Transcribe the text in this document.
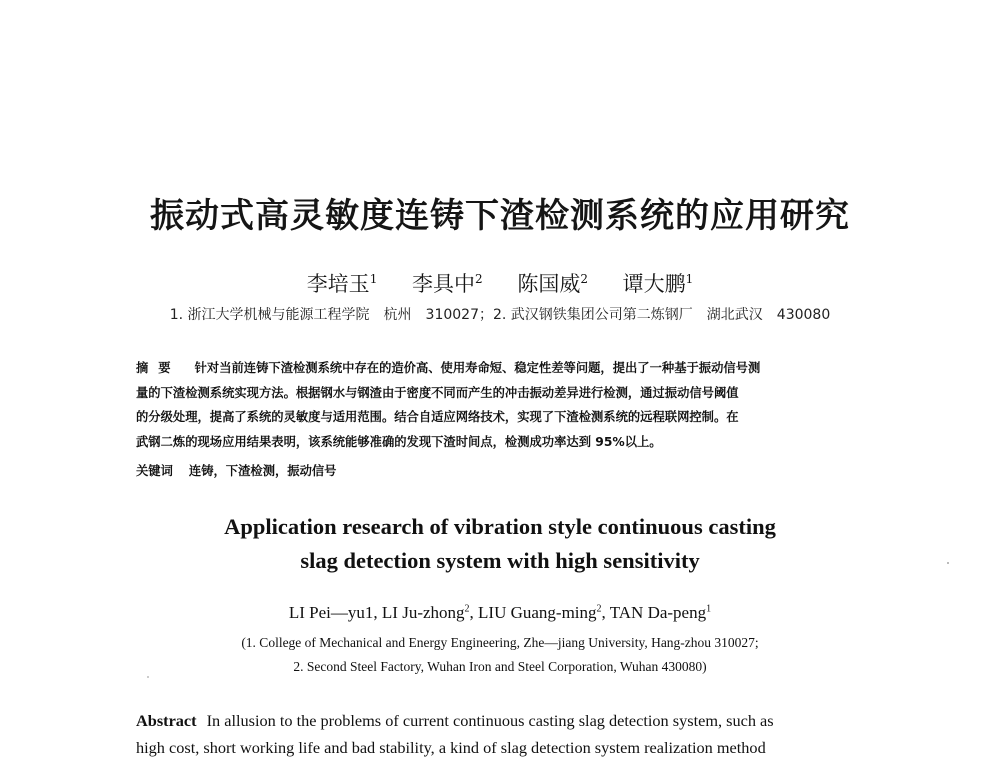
振动式高灵敏度连铸下渣检测系统的应用研究
李培玉$^1$ 李具中$^2$ 陈国威$^2$ 谭大鹏$^1$
1. 浙江大学机械与能源工程学院　杭州　310027；2. 武汉钢铁集团公司第二炼钢厂　湖北武汉　430080
摘要 针对当前连铸下渣检测系统中存在的造价高、使用寿命短、稳定性差等问题，提出了一种基于振动信号测
量的下渣检测系统实现方法。根据钢水与钢渣由于密度不同而产生的冲击振动差异进行检测，通过振动信号阈值
的分级处理，提高了系统的灵敏度与适用范围。结合自适应网络技术，实现了下渣检测系统的远程联网控制。在
武钢二炼的现场应用结果表明，该系统能够准确的发现下渣时间点，检测成功率达到 95%以上。
关键词 连铸，下渣检测，振动信号
Application research of vibration style continuous casting
slag detection system with high sensitivity
LI Pei—yu1, LI Ju-zhong$^2$, LIU Guang-ming$^2$, TAN Da-peng$^1$
(1. College of Mechanical and Energy Engineering, Zhe—jiang University, Hang-zhou 310027;
2. Second Steel Factory, Wuhan Iron and Steel Corporation, Wuhan 430080)
Abstract In allusion to the problems of current continuous casting slag detection system, such as
high cost, short working life and bad stability, a kind of slag detection system realization method
